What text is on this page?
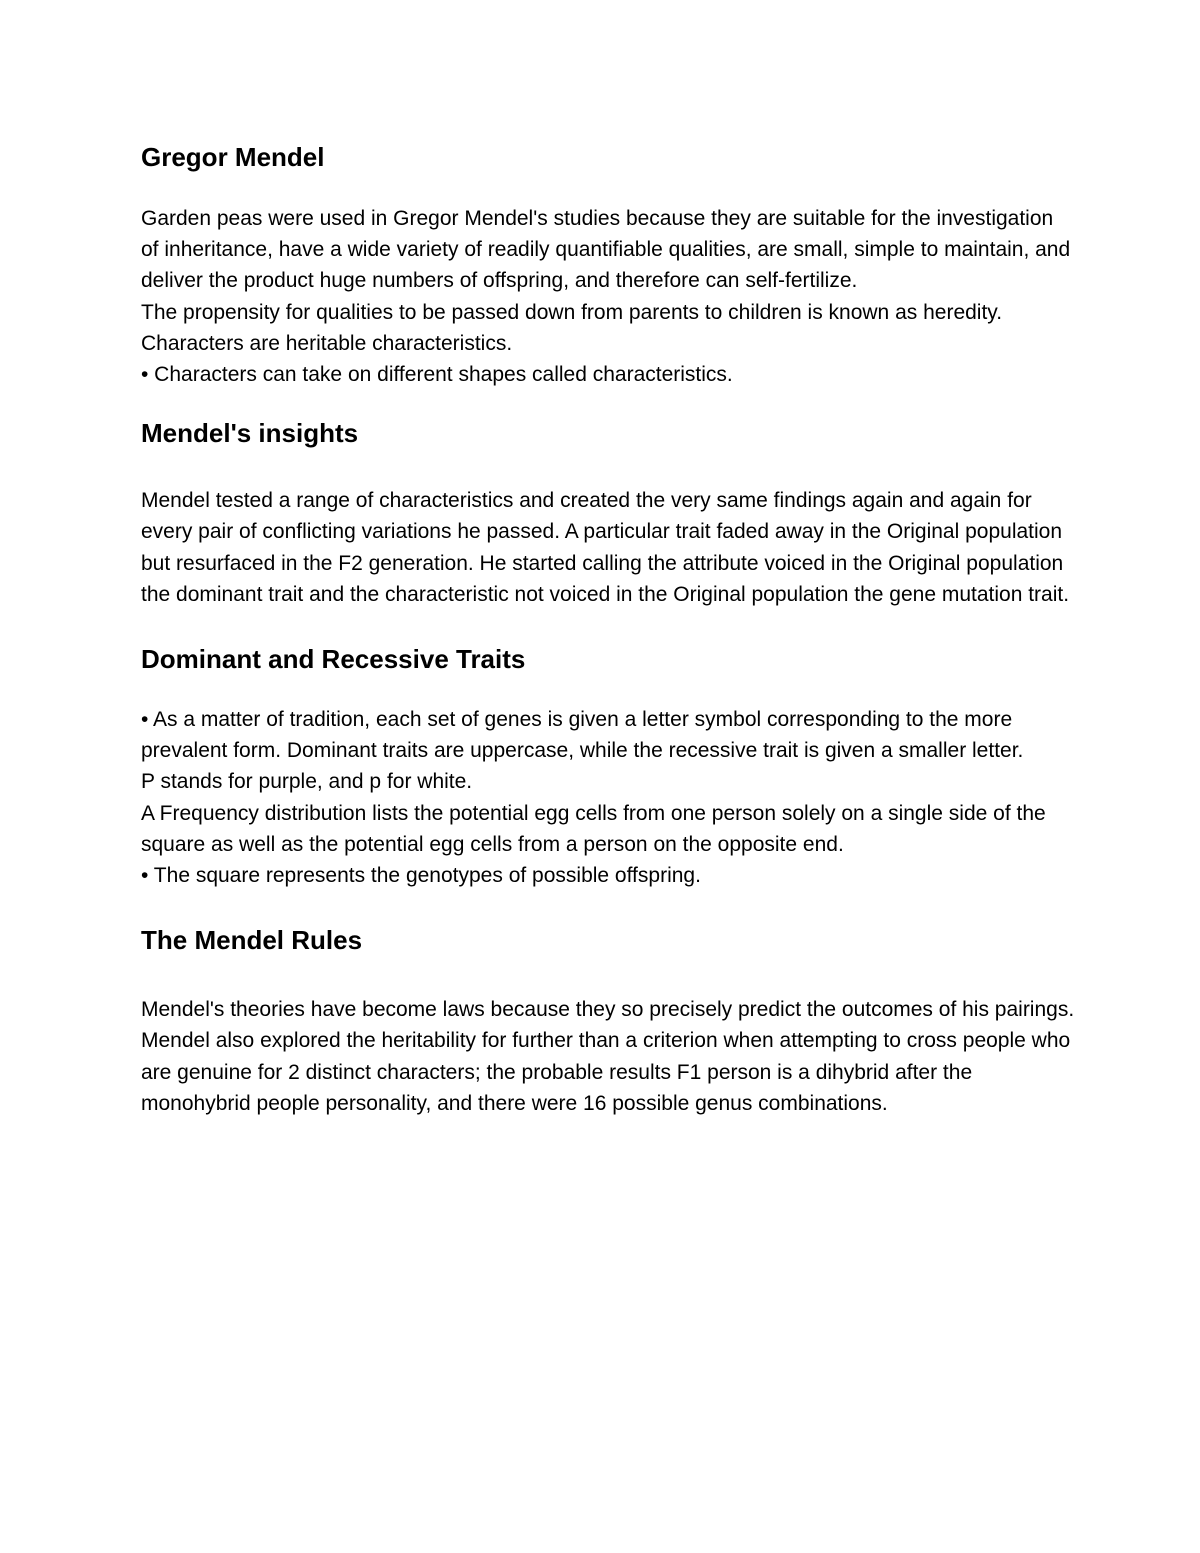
Gregor Mendel

Garden peas were used in Gregor Mendel's studies because they are suitable for the investigation of inheritance, have a wide variety of readily quantifiable qualities, are small, simple to maintain, and deliver the product huge numbers of offspring, and therefore can self-fertilize.

The propensity for qualities to be passed down from parents to children is known as heredity.

Characters are heritable characteristics.

• Characters can take on different shapes called characteristics.

Mendel's insights

Mendel tested a range of characteristics and created the very same findings again and again for every pair of conflicting variations he passed. A particular trait faded away in the Original population but resurfaced in the F2 generation. He started calling the attribute voiced in the Original population the dominant trait and the characteristic not voiced in the Original population the gene mutation trait.

Dominant and Recessive Traits

• As a matter of tradition, each set of genes is given a letter symbol corresponding to the more prevalent form. Dominant traits are uppercase, while the recessive trait is given a smaller letter.

P stands for purple, and p for white.

A Frequency distribution lists the potential egg cells from one person solely on a single side of the square as well as the potential egg cells from a person on the opposite end.

• The square represents the genotypes of possible offspring.

The Mendel Rules

Mendel's theories have become laws because they so precisely predict the outcomes of his pairings.

Mendel also explored the heritability for further than a criterion when attempting to cross people who are genuine for 2 distinct characters; the probable results F1 person is a dihybrid after the monohybrid people personality, and there were 16 possible genus combinations.
